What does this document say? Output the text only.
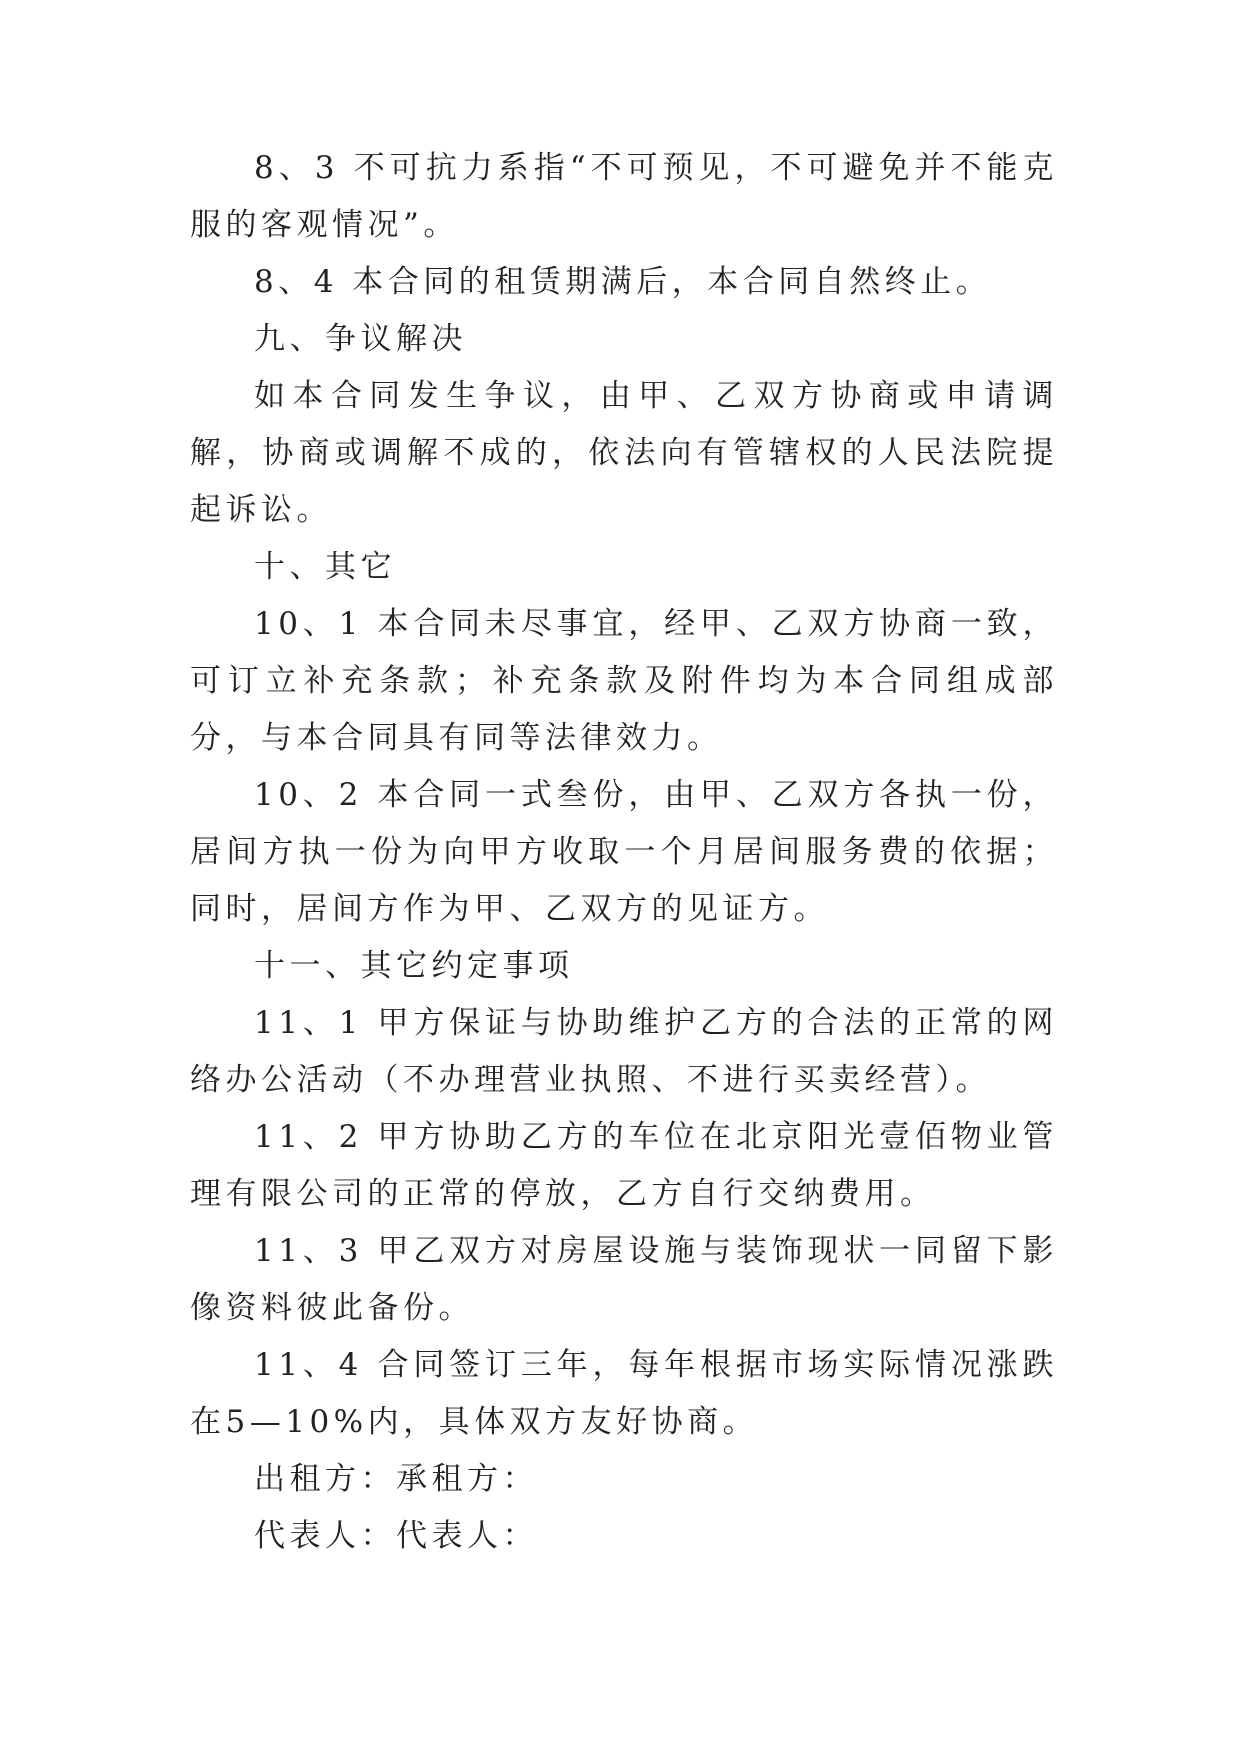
8、3 不可抗力系指“不可预见，不可避免并不能克服的客观情况”。

8、4 本合同的租赁期满后，本合同自然终止。

九、争议解决

如本合同发生争议，由甲、乙双方协商或申请调解，协商或调解不成的，依法向有管辖权的人民法院提起诉讼。

十、其它

10、1 本合同未尽事宜，经甲、乙双方协商一致，可订立补充条款；补充条款及附件均为本合同组成部分，与本合同具有同等法律效力。

10、2 本合同一式叁份，由甲、乙双方各执一份，居间方执一份为向甲方收取一个月居间服务费的依据；同时，居间方作为甲、乙双方的见证方。

十一、其它约定事项

11、1 甲方保证与协助维护乙方的合法的正常的网络办公活动（不办理营业执照、不进行买卖经营）。

11、2 甲方协助乙方的车位在北京阳光壹佰物业管理有限公司的正常的停放，乙方自行交纳费用。

11、3 甲乙双方对房屋设施与装饰现状一同留下影像资料彼此备份。

11、4 合同签订三年，每年根据市场实际情况涨跌在5—10%内，具体双方友好协商。

出租方：承租方：

代表人：代表人：
